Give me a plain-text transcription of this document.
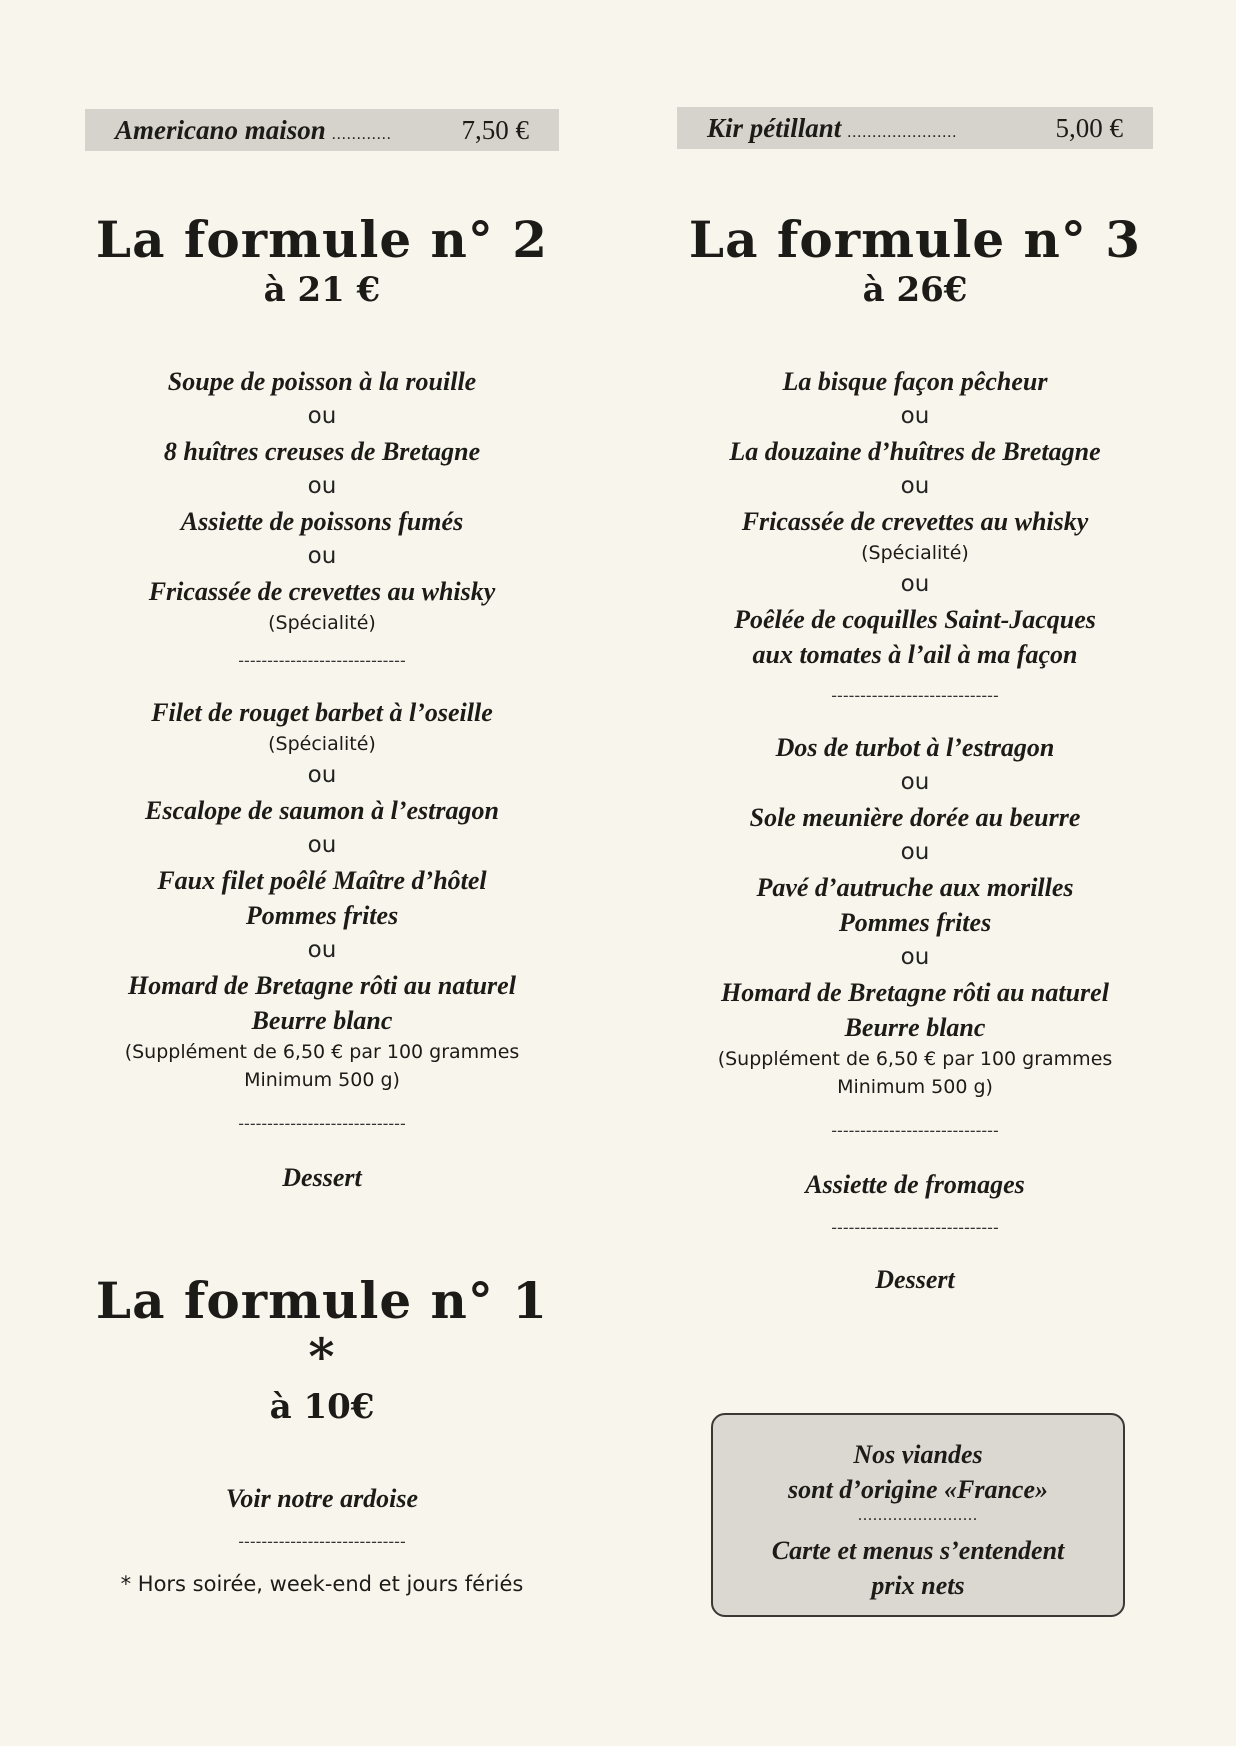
Americano maison ............	7,50 €	Kir pétillant ......................	5,00 €
La formule n° 2
à 21 €
Soupe de poisson à la rouille
ou
8 huîtres creuses de Bretagne
ou
Assiette de poissons fumés
ou
Fricassée de crevettes au whisky
(Spécialité)
-----------------------------
Filet de rouget barbet à l’oseille
(Spécialité)
ou
Escalope de saumon à l’estragon
ou
Faux filet poêlé Maître d’hôtel
Pommes frites
ou
Homard de Bretagne rôti au naturel
Beurre blanc
(Supplément de 6,50 € par 100 grammes
Minimum 500 g)
-----------------------------
Dessert
La formule n° 1 *
à 10€
Voir notre ardoise
-----------------------------
* Hors soirée, week-end et jours fériés
La formule n° 3
à 26€
La bisque façon pêcheur
ou
La douzaine d’huîtres de Bretagne
ou
Fricassée de crevettes au whisky
(Spécialité)
ou
Poêlée de coquilles Saint-Jacques
aux tomates à l’ail à ma façon
-----------------------------
Dos de turbot à l’estragon
ou
Sole meunière dorée au beurre
ou
Pavé d’autruche aux morilles
Pommes frites
ou
Homard de Bretagne rôti au naturel
Beurre blanc
(Supplément de 6,50 € par 100 grammes
Minimum 500 g)
-----------------------------
Assiette de fromages
-----------------------------
Dessert
Nos viandes
sont d’origine «France»
........................
Carte et menus s’entendent
prix nets
